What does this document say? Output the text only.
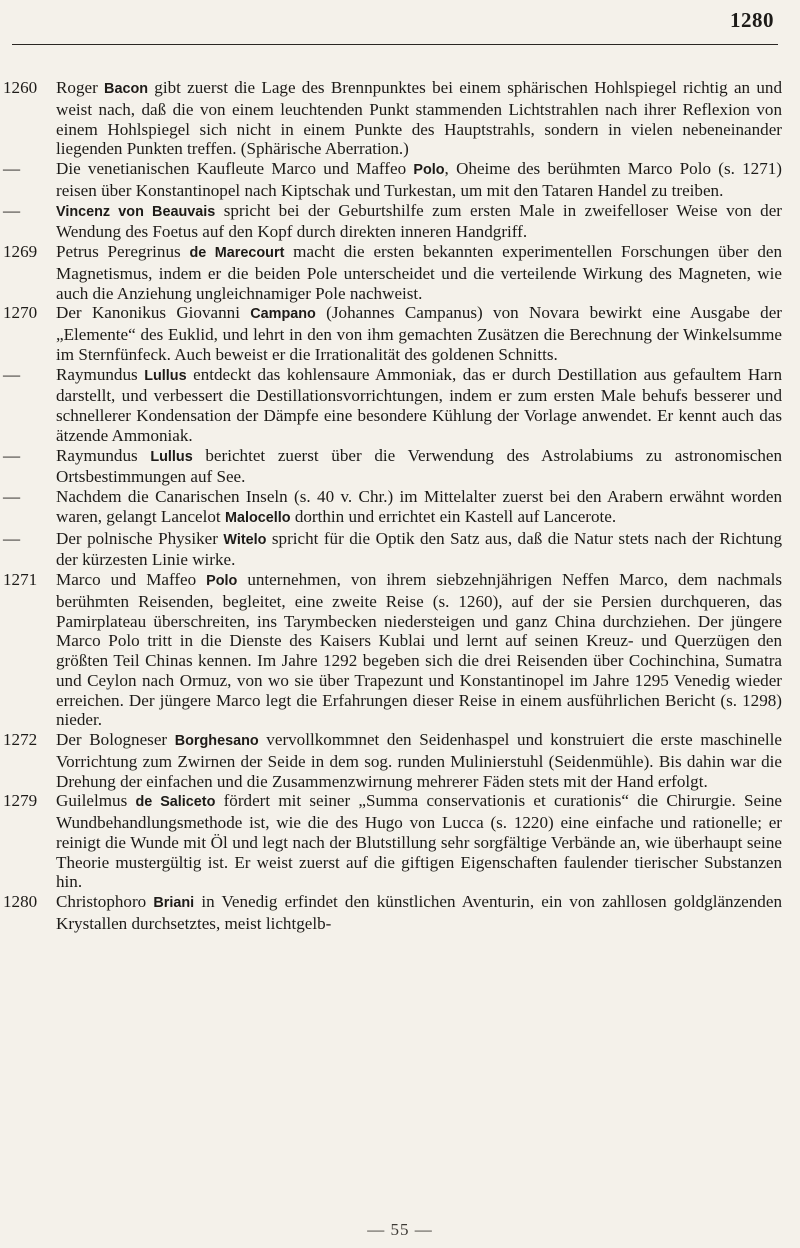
1280
1260	Roger Bacon gibt zuerst die Lage des Brennpunktes bei einem sphärischen Hohlspiegel richtig an und weist nach, daß die von einem leuchtenden Punkt stammenden Lichtstrahlen nach ihrer Reflexion von einem Hohlspiegel sich nicht in einem Punkte des Hauptstrahls, sondern in vielen nebeneinander liegenden Punkten treffen. (Sphärische Aberration.)
—	Die venetianischen Kaufleute Marco und Maffeo Polo, Oheime des berühmten Marco Polo (s. 1271) reisen über Konstantinopel nach Kiptschak und Turkestan, um mit den Tataren Handel zu treiben.
—	Vincenz von Beauvais spricht bei der Geburtshilfe zum ersten Male in zweifelloser Weise von der Wendung des Foetus auf den Kopf durch direkten inneren Handgriff.
1269	Petrus Peregrinus de Marecourt macht die ersten bekannten experimentellen Forschungen über den Magnetismus, indem er die beiden Pole unterscheidet und die verteilende Wirkung des Magneten, wie auch die Anziehung ungleichnamiger Pole nachweist.
1270	Der Kanonikus Giovanni Campano (Johannes Campanus) von Novara bewirkt eine Ausgabe der „Elemente“ des Euklid, und lehrt in den von ihm gemachten Zusätzen die Berechnung der Winkelsumme im Sternfünfeck. Auch beweist er die Irrationalität des goldenen Schnitts.
—	Raymundus Lullus entdeckt das kohlensaure Ammoniak, das er durch Destillation aus gefaultem Harn darstellt, und verbessert die Destillationsvorrichtungen, indem er zum ersten Male behufs besserer und schnellerer Kondensation der Dämpfe eine besondere Kühlung der Vorlage anwendet. Er kennt auch das ätzende Ammoniak.
—	Raymundus Lullus berichtet zuerst über die Verwendung des Astrolabiums zu astronomischen Ortsbestimmungen auf See.
—	Nachdem die Canarischen Inseln (s. 40 v. Chr.) im Mittelalter zuerst bei den Arabern erwähnt worden waren, gelangt Lancelot Malocello dorthin und errichtet ein Kastell auf Lancerote.
—	Der polnische Physiker Witelo spricht für die Optik den Satz aus, daß die Natur stets nach der Richtung der kürzesten Linie wirke.
1271	Marco und Maffeo Polo unternehmen, von ihrem siebzehnjährigen Neffen Marco, dem nachmals berühmten Reisenden, begleitet, eine zweite Reise (s. 1260), auf der sie Persien durchqueren, das Pamirplateau überschreiten, ins Tarymbecken niedersteigen und ganz China durchziehen. Der jüngere Marco Polo tritt in die Dienste des Kaisers Kublai und lernt auf seinen Kreuz- und Querzügen den größten Teil Chinas kennen. Im Jahre 1292 begeben sich die drei Reisenden über Cochinchina, Sumatra und Ceylon nach Ormuz, von wo sie über Trapezunt und Konstantinopel im Jahre 1295 Venedig wieder erreichen. Der jüngere Marco legt die Erfahrungen dieser Reise in einem ausführlichen Bericht (s. 1298) nieder.
1272	Der Bologneser Borghesano vervollkommnet den Seidenhaspel und konstruiert die erste maschinelle Vorrichtung zum Zwirnen der Seide in dem sog. runden Mulinierstuhl (Seidenmühle). Bis dahin war die Drehung der einfachen und die Zusammenzwirnung mehrerer Fäden stets mit der Hand erfolgt.
1279	Guilelmus de Saliceto fördert mit seiner „Summa conservationis et curationis“ die Chirurgie. Seine Wundbehandlungsmethode ist, wie die des Hugo von Lucca (s. 1220) eine einfache und rationelle; er reinigt die Wunde mit Öl und legt nach der Blutstillung sehr sorgfältige Verbände an, wie überhaupt seine Theorie mustergültig ist. Er weist zuerst auf die giftigen Eigenschaften faulender tierischer Substanzen hin.
1280	Christophoro Briani in Venedig erfindet den künstlichen Aventurin, ein von zahllosen goldglänzenden Krystallen durchsetztes, meist lichtgelb-
— 55 —
